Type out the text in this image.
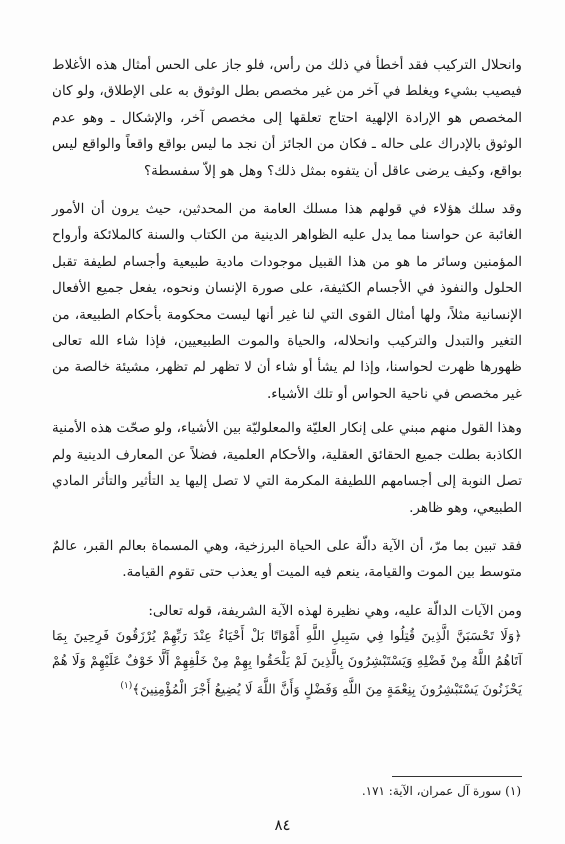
وانحلال التركيب فقد أخطأ في ذلك من رأس، فلو جاز على الحس أمثال هذه الأغلاط فيصيب بشيء ويغلط في آخر من غير مخصص بطل الوثوق به على الإطلاق، ولو كان المخصص هو الإرادة الإلهية احتاج تعلقها إلى مخصص آخر، والإشكال ـ وهو عدم الوثوق بالإدراك على حاله ـ فكان من الجائز أن نجد ما ليس بواقع واقعاً والواقع ليس بواقع، وكيف يرضى عاقل أن يتفوه بمثل ذلك؟ وهل هو إلاّ سفسطة؟

وقد سلك هؤلاء في قولهم هذا مسلك العامة من المحدثين، حيث يرون أن الأمور الغائبة عن حواسنا مما يدل عليه الظواهر الدينية من الكتاب والسنة كالملائكة وأرواح المؤمنين وسائر ما هو من هذا القبيل موجودات مادية طبيعية وأجسام لطيفة تقبل الحلول والنفوذ في الأجسام الكثيفة، على صورة الإنسان ونحوه، يفعل جميع الأفعال الإنسانية مثلاً، ولها أمثال القوى التي لنا غير أنها ليست محكومة بأحكام الطبيعة، من التغير والتبدل والتركيب وانحلاله، والحياة والموت الطبيعيين، فإذا شاء الله تعالى ظهورها ظهرت لحواسنا، وإذا لم يشأ أو شاء أن لا تظهر لم تظهر، مشيئة خالصة من غير مخصص في ناحية الحواس أو تلك الأشياء.

وهذا القول منهم مبني على إنكار العليّة والمعلوليّة بين الأشياء، ولو صحّت هذه الأمنية الكاذبة بطلت جميع الحقائق العقلية، والأحكام العلمية، فضلاً عن المعارف الدينية ولم تصل النوبة إلى أجسامهم اللطيفة المكرمة التي لا تصل إليها يد التأثير والتأثر المادي الطبيعي، وهو ظاهر.

فقد تبين بما مرّ، أن الآية دالّة على الحياة البرزخية، وهي المسماة بعالم القبر، عالمٌ متوسط بين الموت والقيامة، ينعم فيه الميت أو يعذب حتى تقوم القيامة.

ومن الآيات الدالّة عليه، وهي نظيرة لهذه الآية الشريفة، قوله تعالى:

﴿وَلَا تَحْسَبَنَّ الَّذِينَ قُتِلُوا فِي سَبِيلِ اللَّهِ أَمْوَاتًا بَلْ أَحْيَاءٌ عِنْدَ رَبِّهِمْ يُرْزَقُونَ فَرِحِينَ بِمَا آتَاهُمُ اللَّهُ مِنْ فَضْلِهِ وَيَسْتَبْشِرُونَ بِالَّذِينَ لَمْ يَلْحَقُوا بِهِمْ مِنْ خَلْفِهِمْ أَلَّا خَوْفٌ عَلَيْهِمْ وَلَا هُمْ يَحْزَنُونَ يَسْتَبْشِرُونَ بِنِعْمَةٍ مِنَ اللَّهِ وَفَضْلٍ وَأَنَّ اللَّهَ لَا يُضِيعُ أَجْرَ الْمُؤْمِنِينَ﴾$^{(١)}$

(١) سورة آل عمران، الآية: ١٧١.
٨٤
